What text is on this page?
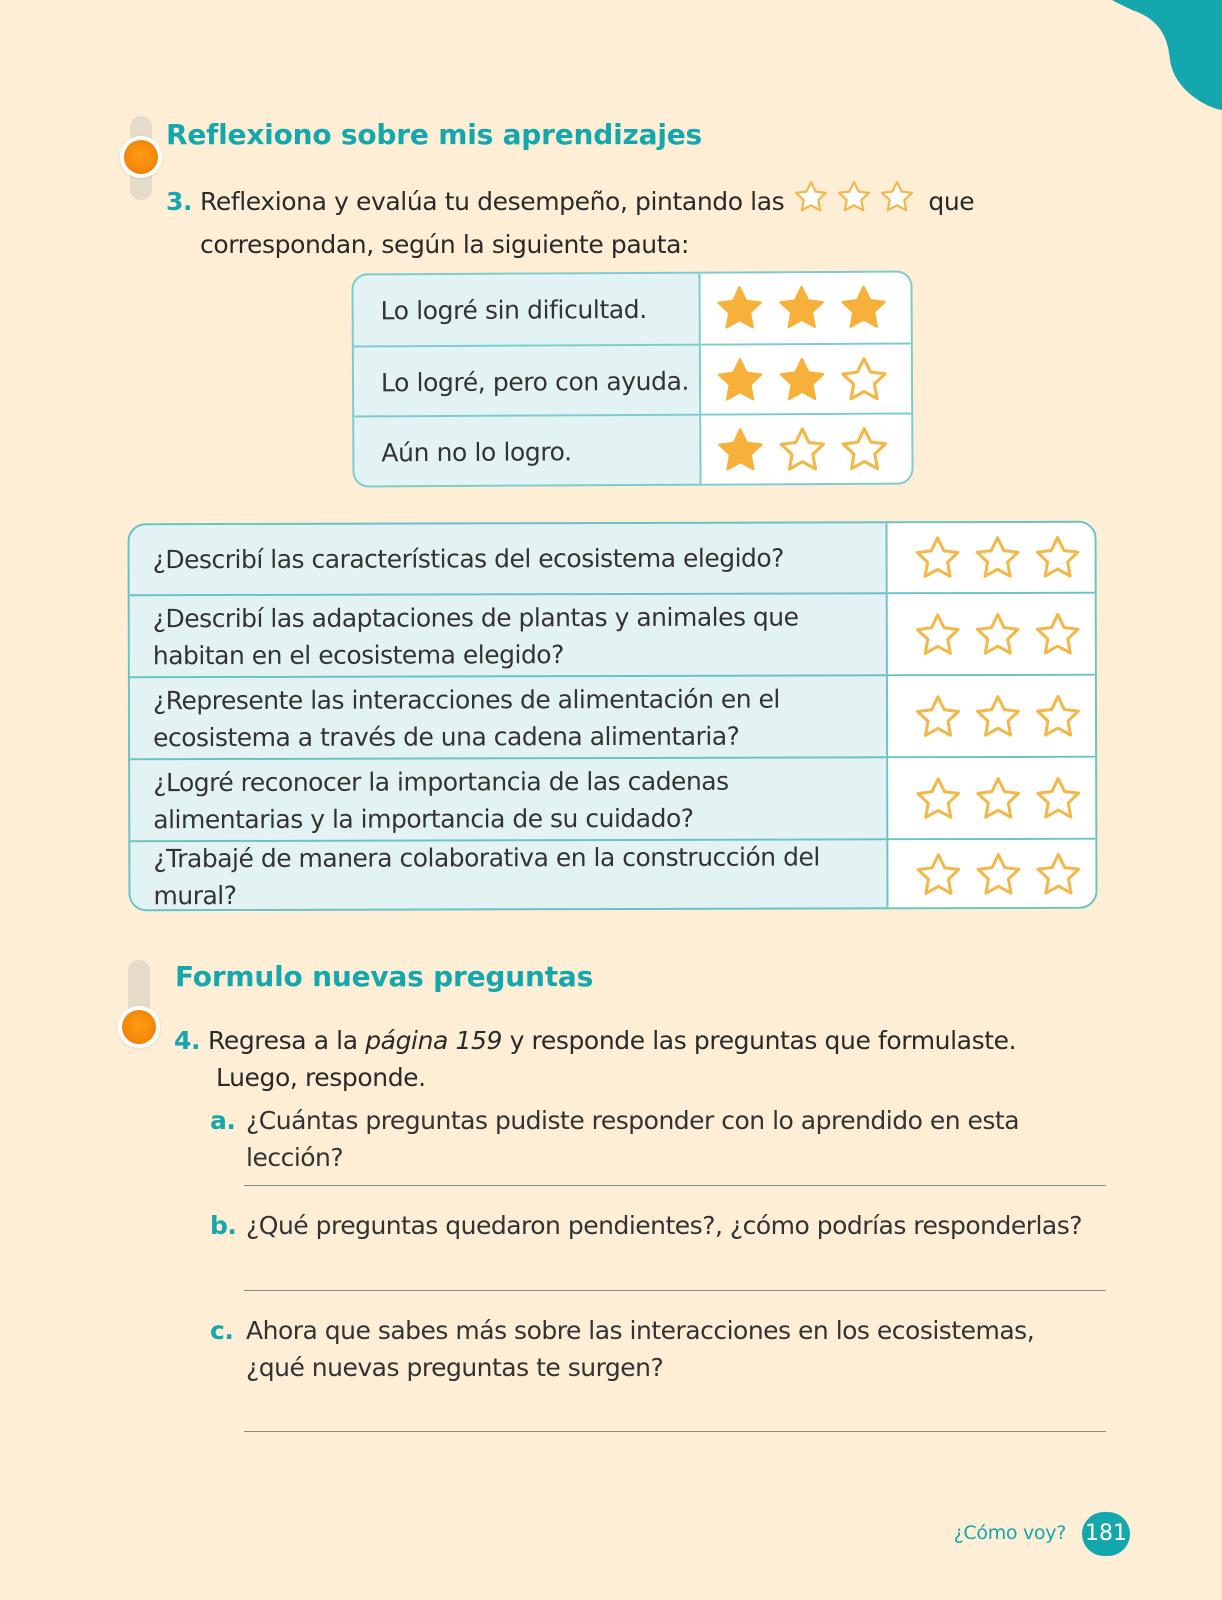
Reflexiono sobre mis aprendizajes
3. Reflexiona y evalúa tu desempeño, pintando las	que
correspondan, según la siguiente pauta:
Lo logré sin dificultad.
Lo logré, pero con ayuda.
Aún no lo logro.
¿Describí las características del ecosistema elegido?
¿Describí las adaptaciones de plantas y animales que habitan en el ecosistema elegido?
¿Represente las interacciones de alimentación en el ecosistema a través de una cadena alimentaria?
¿Logré reconocer la importancia de las cadenas alimentarias y la importancia de su cuidado?
¿Trabajé de manera colaborativa en la construcción del mural?
Formulo nuevas preguntas
4. Regresa a la página 159 y responde las preguntas que formulaste.
Luego, responde.
a. ¿Cuántas preguntas pudiste responder con lo aprendido en esta lección?
b. ¿Qué preguntas quedaron pendientes?, ¿cómo podrías responderlas?
c. Ahora que sabes más sobre las interacciones en los ecosistemas, ¿qué nuevas preguntas te surgen?
¿Cómo voy? 181
